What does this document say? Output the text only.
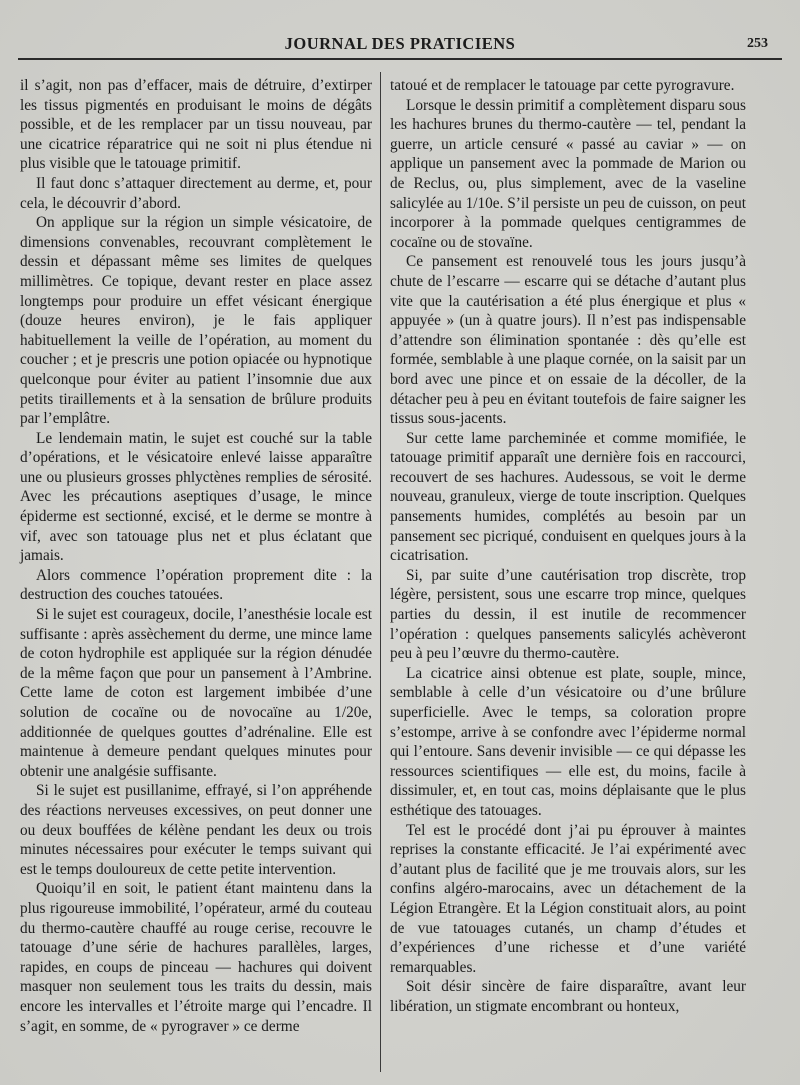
JOURNAL DES PRATICIENS	253

il s’agit, non pas d’effacer, mais de détruire, d’extirper les tissus pigmentés en produisant le moins de dégâts possible, et de les remplacer par un tissu nouveau, par une cicatrice réparatrice qui ne soit ni plus étendue ni plus visible que le tatouage primitif.

Il faut donc s’attaquer directement au derme, et, pour cela, le découvrir d’abord.

On applique sur la région un simple vésicatoire, de dimensions convenables, recouvrant complètement le dessin et dépassant même ses limites de quelques millimètres. Ce topique, devant rester en place assez longtemps pour produire un effet vésicant énergique (douze heures environ), je le fais appliquer habituellement la veille de l’opération, au moment du coucher ; et je prescris une potion opiacée ou hypnotique quelconque pour éviter au patient l’insomnie due aux petits tiraillements et à la sensation de brûlure produits par l’emplâtre.

Le lendemain matin, le sujet est couché sur la table d’opérations, et le vésicatoire enlevé laisse apparaître une ou plusieurs grosses phlyctènes remplies de sérosité. Avec les précautions aseptiques d’usage, le mince épiderme est sectionné, excisé, et le derme se montre à vif, avec son tatouage plus net et plus éclatant que jamais.

Alors commence l’opération proprement dite : la destruction des couches tatouées.

Si le sujet est courageux, docile, l’anesthésie locale est suffisante : après assèchement du derme, une mince lame de coton hydrophile est appliquée sur la région dénudée de la même façon que pour un pansement à l’Ambrine. Cette lame de coton est largement imbibée d’une solution de cocaïne ou de novocaïne au 1/20e, additionnée de quelques gouttes d’adrénaline. Elle est maintenue à demeure pendant quelques minutes pour obtenir une analgésie suffisante.

Si le sujet est pusillanime, effrayé, si l’on appréhende des réactions nerveuses excessives, on peut donner une ou deux bouffées de kélène pendant les deux ou trois minutes nécessaires pour exécuter le temps suivant qui est le temps douloureux de cette petite intervention.

Quoiqu’il en soit, le patient étant maintenu dans la plus rigoureuse immobilité, l’opérateur, armé du couteau du thermo-cautère chauffé au rouge cerise, recouvre le tatouage d’une série de hachures parallèles, larges, rapides, en coups de pinceau — hachures qui doivent masquer non seulement tous les traits du dessin, mais encore les intervalles et l’étroite marge qui l’encadre. Il s’agit, en somme, de « pyrograver » ce derme

tatoué et de remplacer le tatouage par cette pyrogravure.

Lorsque le dessin primitif a complètement disparu sous les hachures brunes du thermo-cautère — tel, pendant la guerre, un article censuré « passé au caviar » — on applique un pansement avec la pommade de Marion ou de Reclus, ou, plus simplement, avec de la vaseline salicylée au 1/10e. S’il persiste un peu de cuisson, on peut incorporer à la pommade quelques centigrammes de cocaïne ou de stovaïne.

Ce pansement est renouvelé tous les jours jusqu’à chute de l’escarre — escarre qui se détache d’autant plus vite que la cautérisation a été plus énergique et plus « appuyée » (un à quatre jours). Il n’est pas indispensable d’attendre son élimination spontanée : dès qu’elle est formée, semblable à une plaque cornée, on la saisit par un bord avec une pince et on essaie de la décoller, de la détacher peu à peu en évitant toutefois de faire saigner les tissus sous-jacents.

Sur cette lame parcheminée et comme momifiée, le tatouage primitif apparaît une dernière fois en raccourci, recouvert de ses hachures. Audessous, se voit le derme nouveau, granuleux, vierge de toute inscription. Quelques pansements humides, complétés au besoin par un pansement sec picriqué, conduisent en quelques jours à la cicatrisation.

Si, par suite d’une cautérisation trop discrète, trop légère, persistent, sous une escarre trop mince, quelques parties du dessin, il est inutile de recommencer l’opération : quelques pansements salicylés achèveront peu à peu l’œuvre du thermo-cautère.

La cicatrice ainsi obtenue est plate, souple, mince, semblable à celle d’un vésicatoire ou d’une brûlure superficielle. Avec le temps, sa coloration propre s’estompe, arrive à se confondre avec l’épiderme normal qui l’entoure. Sans devenir invisible — ce qui dépasse les ressources scientifiques — elle est, du moins, facile à dissimuler, et, en tout cas, moins déplaisante que le plus esthétique des tatouages.

Tel est le procédé dont j’ai pu éprouver à maintes reprises la constante efficacité. Je l’ai expérimenté avec d’autant plus de facilité que je me trouvais alors, sur les confins algéro-marocains, avec un détachement de la Légion Etrangère. Et la Légion constituait alors, au point de vue tatouages cutanés, un champ d’études et d’expériences d’une richesse et d’une variété remarquables.

Soit désir sincère de faire disparaître, avant leur libération, un stigmate encombrant ou honteux,
